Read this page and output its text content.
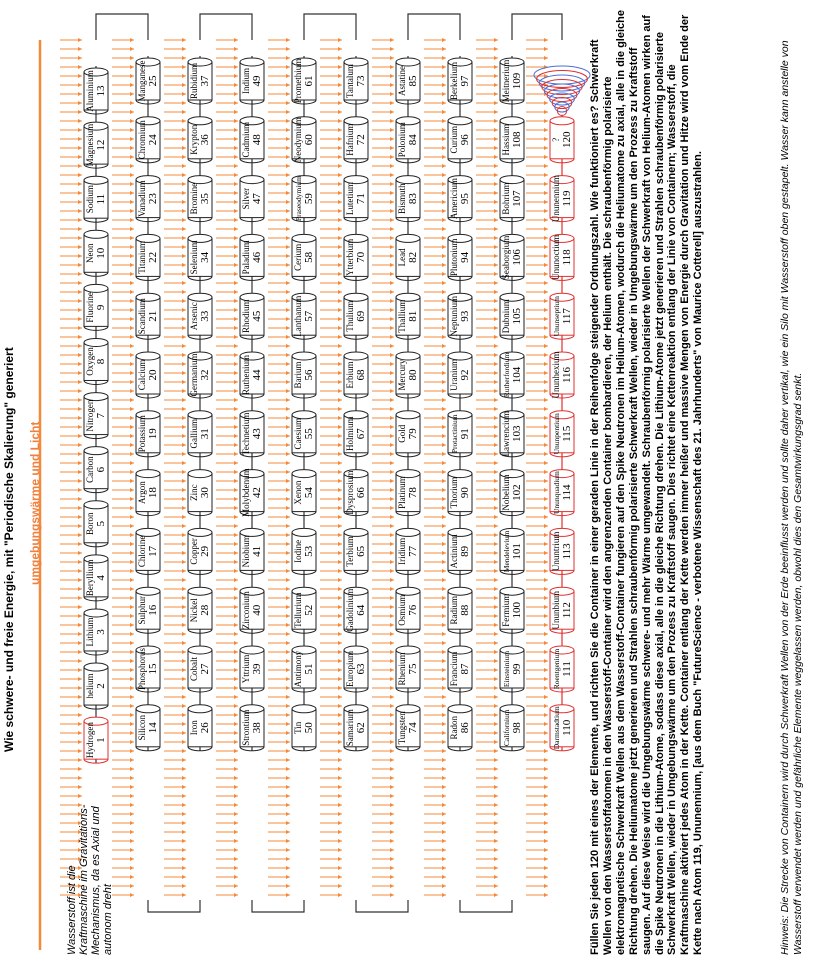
Hydrogen 1
helium 2
Lithium 3
Beryllium 4
Boron 5
Carbon 6
Nitrogen 7
Oxygen 8
Fluorine 9
Neon 10
Sodium 11
Magnesium 12
Aluminium 13
Silicon 14
Phosphorus 15
Sulphur 16
Chlorine 17
Argon 18
Potassium 19
Calcium 20
Scandium 21
Titanium 22
Vanadium 23
Chromium 24
Manganese 25
Iron 26
Cobalt 27
Nickel 28
Copper 29
Zinc 30
Gallium 31
Germanium 32
Arsenic 33
Selenium 34
Bromine 35
Krypton 36
Rubidium 37
Strontium 38
Yttrium 39
Zirconium 40
Niobium 41
Molybdenum 42
Technetium 43
Ruthenium 44
Rhodium 45
Paladium 46
Silver 47
Cadmium 48
Indium 49
Tin 50
Antimony 51
Tellurium 52
Iodine 53
Xenon 54
Caesium 55
Barium 56
Lanthanum 57
Cerium 58
Praseodymium 59
Neodymium 60
Promethium 61
Samarium 62
Europium 63
Gadolinium 64
Terbium 65
Dysprosium 66
Holmium 67
Erbium 68
Thulium 69
Ytterbium 70
Lutetium 71
Hafnium 72
Tantalum 73
Tungsten 74
Rhenium 75
Osmium 76
Iridium 77
Platinum 78
Gold 79
Mercury 80
Thallium 81
Lead 82
Bismuth 83
Polonium 84
Astatine 85
Radon 86
Francium 87
Radium 88
Actinium 89
Thorium 90
Protactinium 91
Uranium 92
Neptunium 93
Plutonium 94
Americium 95
Curium 96
Berkelium 97
Californium 98
Einsteinium 99
Fermium 100
Mendelevium 101
Nobelium 102
Lawrencium 103
Rutherfordium 104
Dubnium 105
Seaborgium 106
Bohrium 107
Hassium 108
Meitnerium 109
Darmstadtium 110
Roentgenium 111
Ununbium 112
Ununtrium 113
Ununquadium 114
Ununpentium 115
Ununhexium 116
Ununseptium 117
Ununoctium 118
Ununennium 119
? 120
Wie schwere- und freie Energie, mit "Periodische Skalierung" generiert umgebungswärme und Licht
Wasserstoff ist die Kraftmaschine im Gravitations-Mechanismus, da es Axial und autonom dreht	Füllen Sie jeden 120 mit eines der Elemente, und richten Sie die Container in einer geraden Linie in der Reihenfolge steigender Ordnungszahl. Wie funktioniert es? Schwerkraft Wellen von den Wasserstoffatomen in den Wasserstoff-Container wird den angrenzenden Container bombardieren, der Helium enthält. Die schraubenförmig polarisierte elektromagnetische Schwerkraft Wellen aus dem Wasserstoff-Container fungieren auf den Spike Neutronen im Helium-Atomen, wodurch die Heliumatome zu axial, alle in die gleiche Richtung drehen. Die Heliumatome jetzt generieren und Strahlen schraubenförmig polarisierte Schwerkraft Wellen, wieder in Umgebungswärme um den Prozess zu Kraftstoff saugen. Auf diese Weise wird die Umgebungswärme schwere- und mehr Wärme umgewandelt. Schraubenförmig polarisierte Wellen der Schwerkraft von Helium-Atomen wirken auf die Spike Neutronen in die Lithium-Atome, sodass diese axial, alle in die gleiche Richtung drehen. Die Lithium-Atome jetzt generieren und Strahlen schraubenförmig polarisierte Schwerkraft Wellen, wieder in Umgebungswärme um den Prozess zu Kraftstoff saugen. Dies richtet eine Kettenreaktion entlang der Linie von Containern; Wasserstoff, die Kraftmaschine aktiviert jedes Atom in der Kette. Container entlang der Kette werden immer heißer und massive Mengen von Energie durch Gravitation und Hitze wird vom Ende der Kette nach Atom 119, Ununennium, [aus dem Buch "FutureScience - verbotene Wissenschaft des 21. Jahrhunderts" von Maurice Cotterell] auszustrahlen.	Hinweis: Die Strecke von Containern wird durch Schwerkraft Wellen von der Erde beeinflusst werden und sollte daher vertikal, wie ein Silo mit Wasserstoff oben gestapelt. Wasser kann anstelle von Wasserstoff verwendet werden und gefährliche Elemente weggelassen werden, obwohl dies den Gesamtwirkungsgrad senkt.
